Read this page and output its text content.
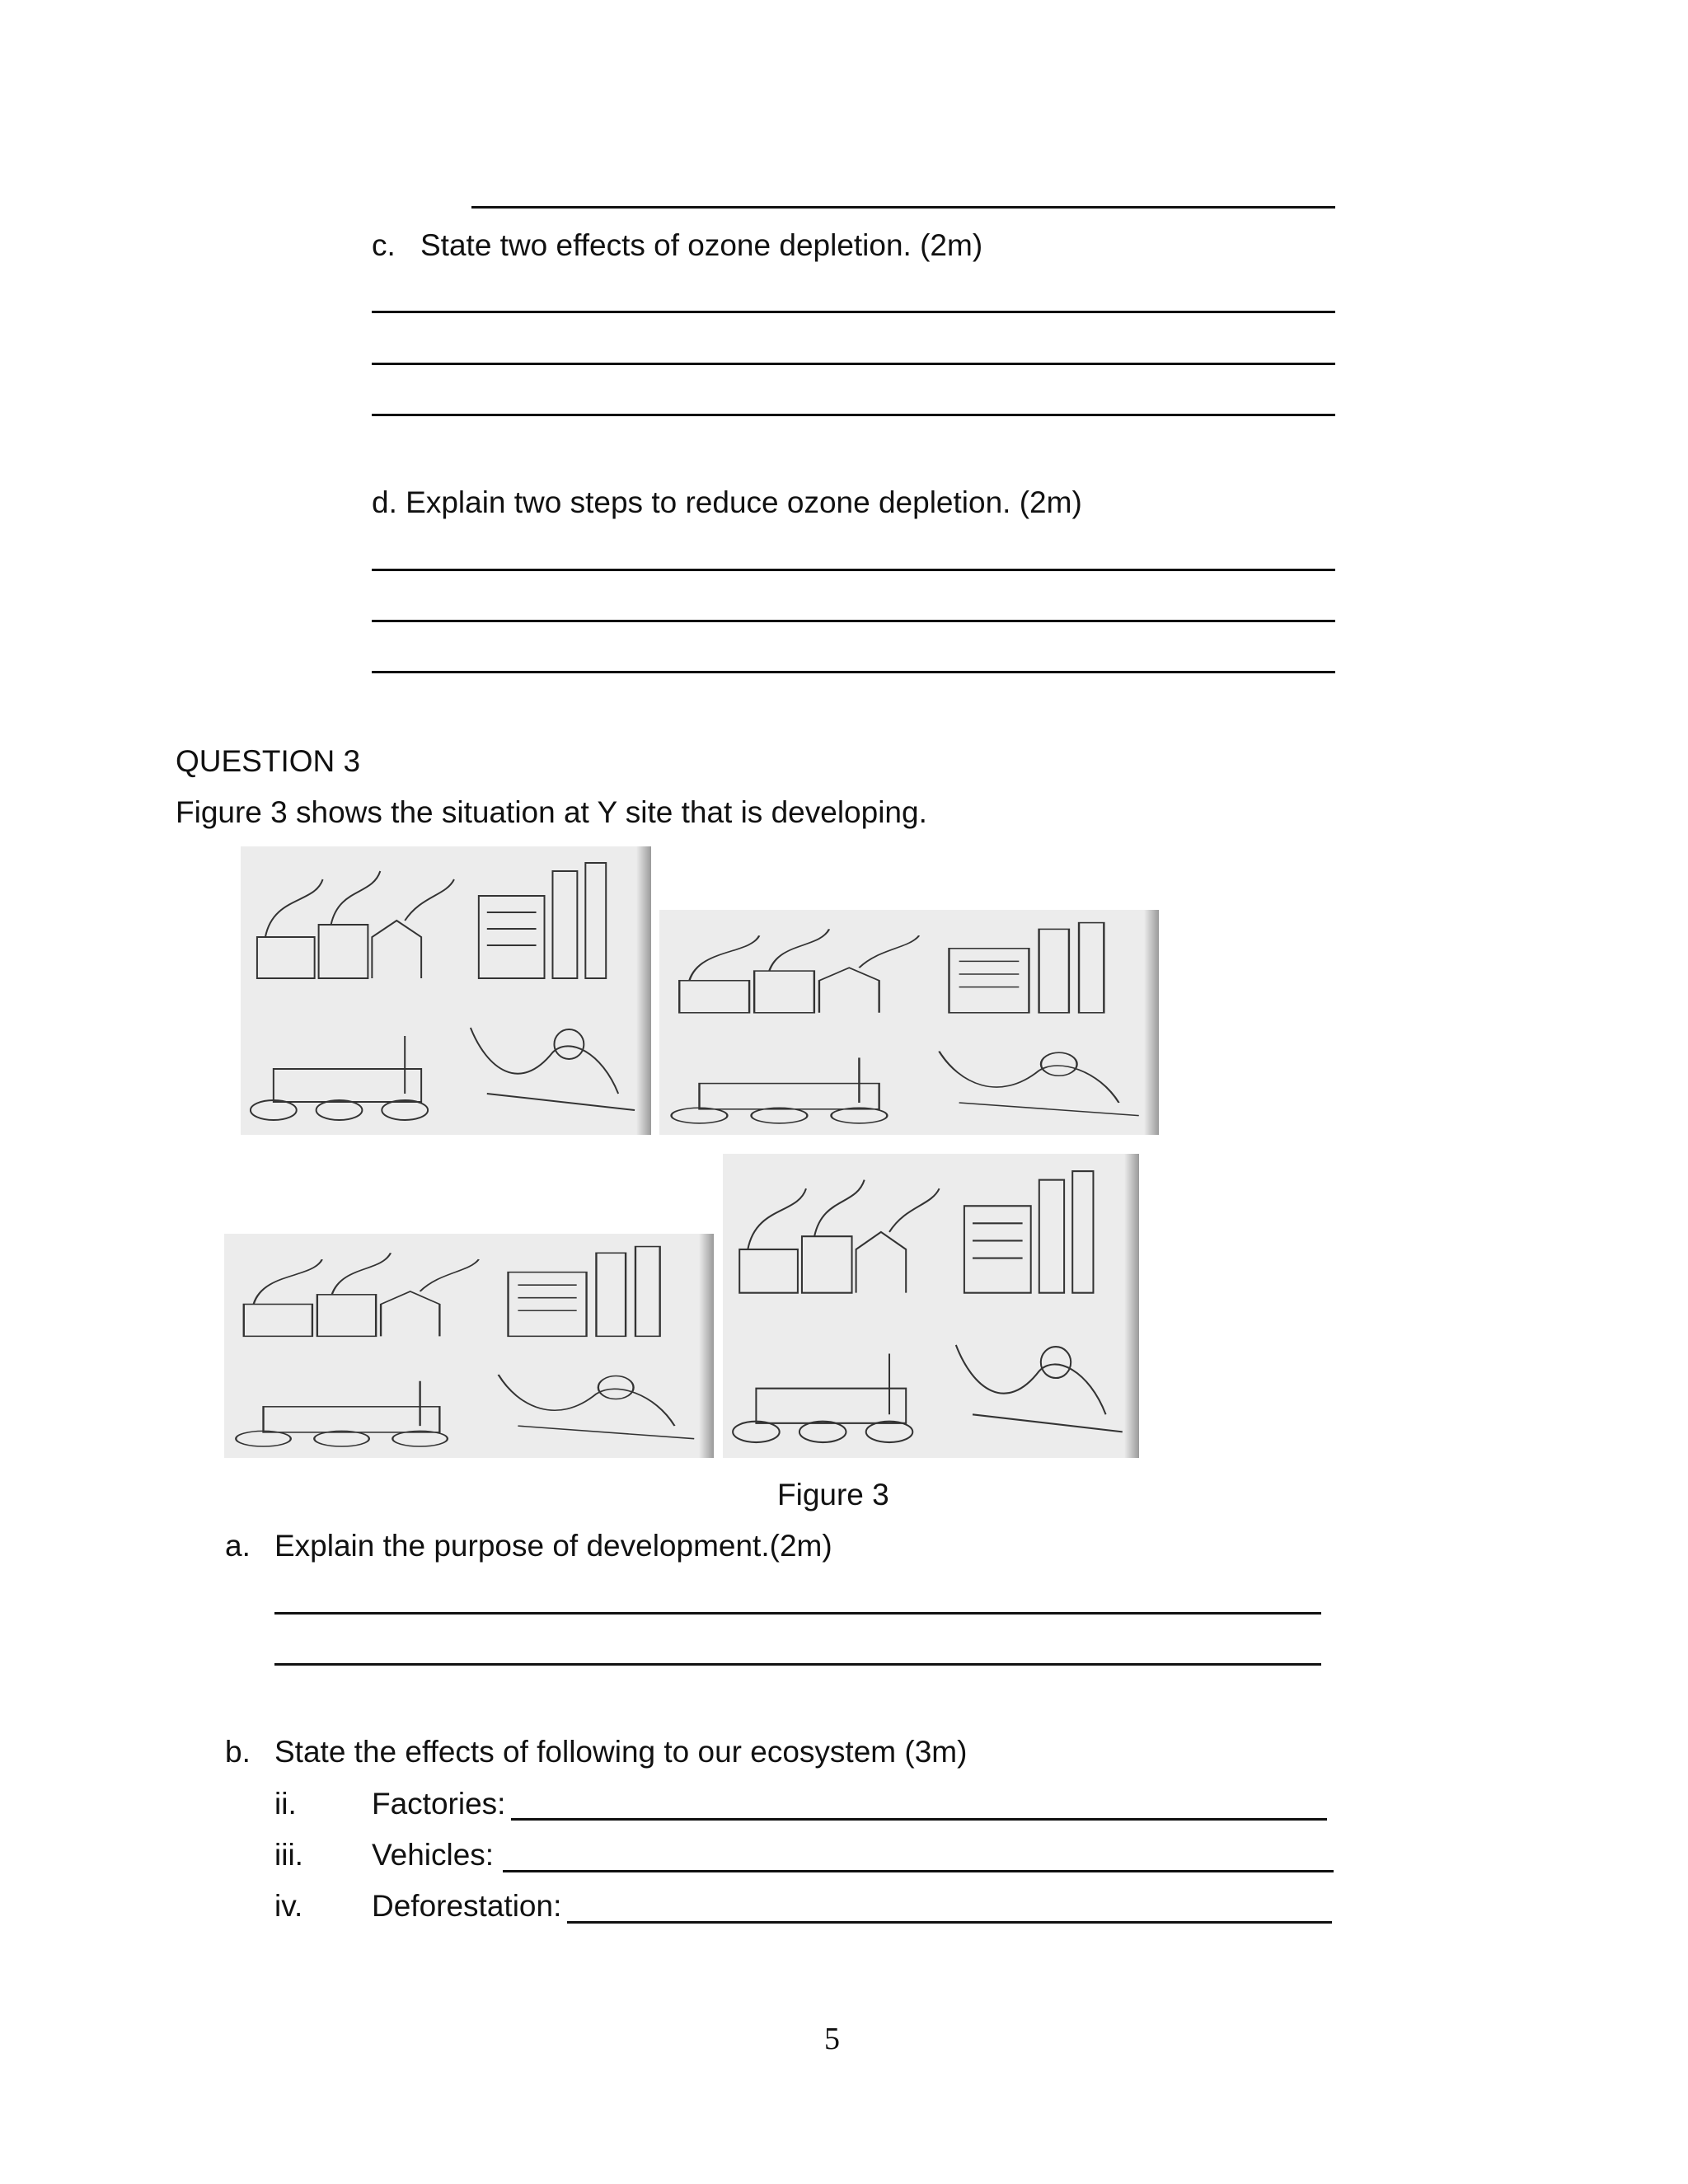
c. State two effects of ozone depletion. (2m)
d. Explain two steps to reduce ozone depletion. (2m)
QUESTION 3
Figure 3 shows the situation at Y site that is developing.
Figure 3
a. Explain the purpose of development.(2m)
b. State the effects of following to our ecosystem (3m)
ii. Factories:
iii. Vehicles:
iv. Deforestation:
5
